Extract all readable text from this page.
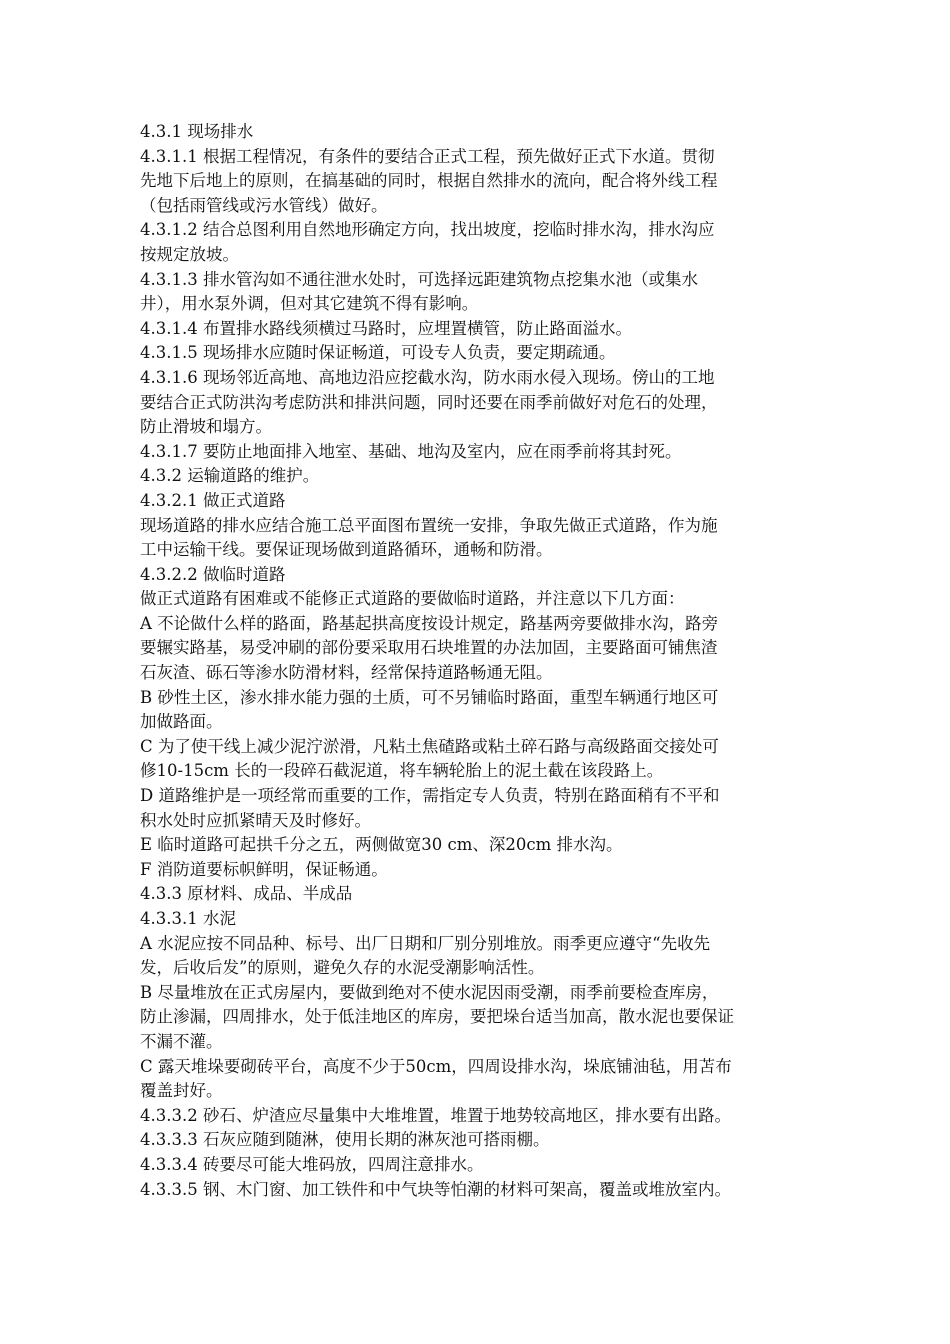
4.3.1 现场排水
4.3.1.1 根据工程情况，有条件的要结合正式工程，预先做好正式下水道。贯彻
先地下后地上的原则，在搞基础的同时，根据自然排水的流向，配合将外线工程
（包括雨管线或污水管线）做好。
4.3.1.2 结合总图利用自然地形确定方向，找出坡度，挖临时排水沟，排水沟应
按规定放坡。
4.3.1.3 排水管沟如不通往泄水处时，可选择远距建筑物点挖集水池（或集水
井），用水泵外调，但对其它建筑不得有影响。
4.3.1.4 布置排水路线须横过马路时，应埋置横管，防止路面溢水。
4.3.1.5 现场排水应随时保证畅道，可设专人负责，要定期疏通。
4.3.1.6 现场邻近高地、高地边沿应挖截水沟，防水雨水侵入现场。傍山的工地
要结合正式防洪沟考虑防洪和排洪问题，同时还要在雨季前做好对危石的处理，
防止滑坡和塌方。
4.3.1.7 要防止地面排入地室、基础、地沟及室内，应在雨季前将其封死。
4.3.2 运输道路的维护。
4.3.2.1 做正式道路
现场道路的排水应结合施工总平面图布置统一安排，争取先做正式道路，作为施
工中运输干线。要保证现场做到道路循环，通畅和防滑。
4.3.2.2 做临时道路
做正式道路有困难或不能修正式道路的要做临时道路，并注意以下几方面：
A 不论做什么样的路面，路基起拱高度按设计规定，路基两旁要做排水沟，路旁
要辗实路基，易受冲刷的部份要采取用石块堆置的办法加固，主要路面可铺焦渣
石灰渣、砾石等渗水防滑材料，经常保持道路畅通无阻。
B 砂性土区，渗水排水能力强的土质，可不另铺临时路面，重型车辆通行地区可
加做路面。
C 为了使干线上减少泥泞淤滑，凡粘土焦碴路或粘土碎石路与高级路面交接处可
修10-15cm 长的一段碎石截泥道，将车辆轮胎上的泥土截在该段路上。
D 道路维护是一项经常而重要的工作，需指定专人负责，特别在路面稍有不平和
积水处时应抓紧晴天及时修好。
E 临时道路可起拱千分之五，两侧做宽30 cm、深20cm 排水沟。
F 消防道要标帜鲜明，保证畅通。
4.3.3 原材料、成品、半成品
4.3.3.1 水泥
A 水泥应按不同品种、标号、出厂日期和厂别分别堆放。雨季更应遵守“先收先
发，后收后发”的原则，避免久存的水泥受潮影响活性。
B 尽量堆放在正式房屋内，要做到绝对不使水泥因雨受潮，雨季前要检查库房，
防止渗漏，四周排水，处于低洼地区的库房，要把垛台适当加高，散水泥也要保证
不漏不灌。
C 露天堆垛要砌砖平台，高度不少于50cm，四周设排水沟，垛底铺油毡，用苫布
覆盖封好。
4.3.3.2 砂石、炉渣应尽量集中大堆堆置，堆置于地势较高地区，排水要有出路。
4.3.3.3 石灰应随到随淋，使用长期的淋灰池可搭雨棚。
4.3.3.4 砖要尽可能大堆码放，四周注意排水。
4.3.3.5 钢、木门窗、加工铁件和中气块等怕潮的材料可架高，覆盖或堆放室内。
